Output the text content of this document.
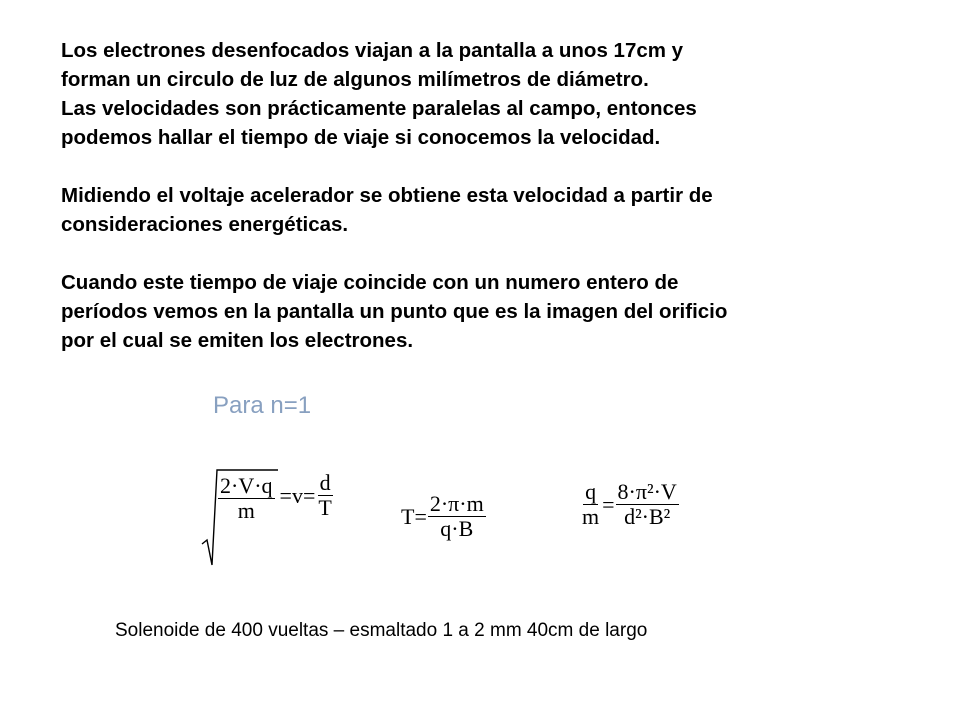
Los electrones desenfocados viajan a la pantalla a unos 17cm y
forman un circulo de luz de algunos milímetros de diámetro.
Las velocidades son prácticamente paralelas al campo, entonces
podemos hallar el tiempo de viaje si conocemos la velocidad.

Midiendo el voltaje acelerador se obtiene esta velocidad a partir de
consideraciones energéticas.

Cuando este tiempo de viaje coincide con un numero entero de
períodos vemos en la pantalla un punto que es la imagen del orificio
por el cual se emiten los electrones.

Para n=1
$\frac{2\cdot V\cdot q}{m} =v= \frac{d}{T}$	$T= \frac{2\cdot\pi\cdot m}{q\cdot B}$	$\frac{q}{m} = \frac{\text{8·π²·V}}{\text{d²·B²}}$

Solenoide de 400 vueltas – esmaltado 1 a 2 mm 40cm de largo
